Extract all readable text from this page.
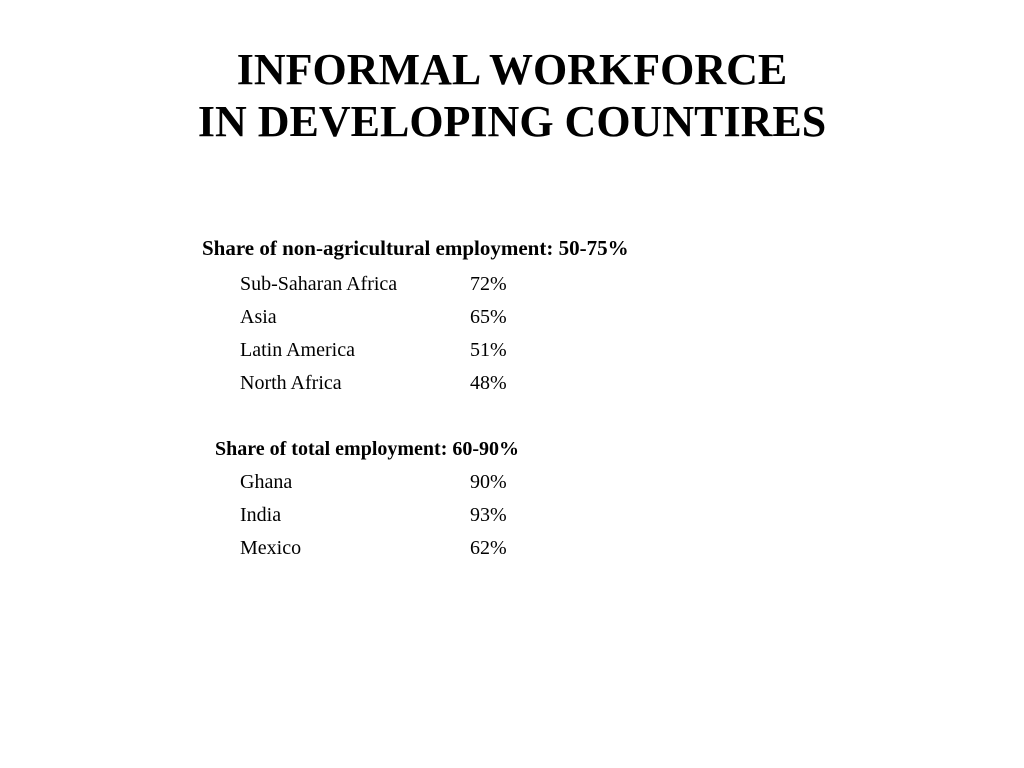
INFORMAL WORKFORCE
IN DEVELOPING COUNTIRES
Share of non-agricultural employment: 50-75%
Sub-Saharan Africa	72%
Asia	65%
Latin America	51%
North Africa	48%
Share of total employment: 60-90%
Ghana	90%
India	93%
Mexico	62%
